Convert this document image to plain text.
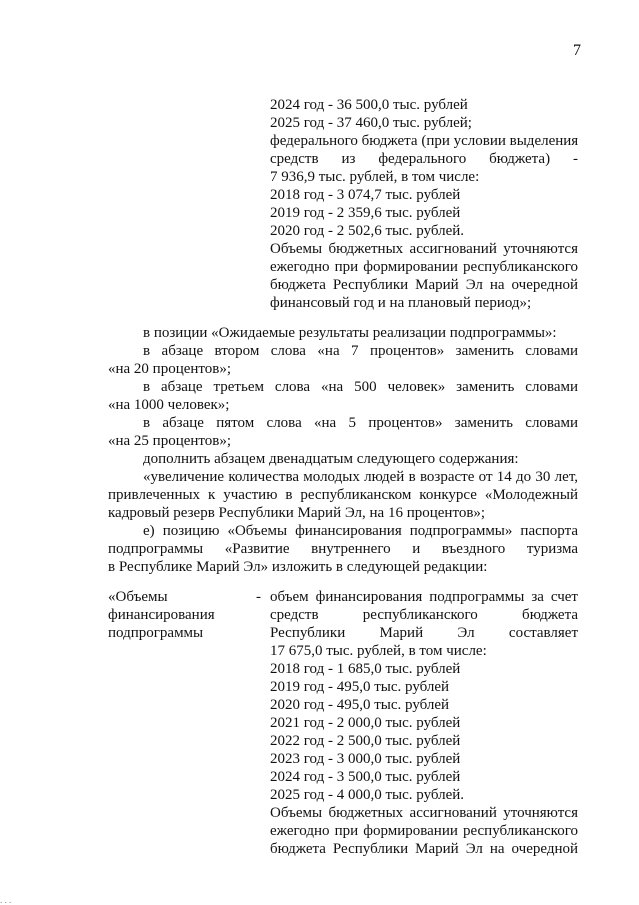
7
2024 год - 36 500,0 тыс. рублей
2025 год - 37 460,0 тыс. рублей;
федерального бюджета (при условии выделения
средств из федерального бюджета) -
7 936,9 тыс. рублей, в том числе:
2018 год - 3 074,7 тыс. рублей
2019 год - 2 359,6 тыс. рублей
2020 год - 2 502,6 тыс. рублей.
Объемы бюджетных ассигнований уточняются
ежегодно при формировании республиканского
бюджета Республики Марий Эл на очередной
финансовый год и на плановый период»;
в позиции «Ожидаемые результаты реализации подпрограммы»:
в абзаце втором слова «на 7 процентов» заменить словами
«на 20 процентов»;
в абзаце третьем слова «на 500 человек» заменить словами
«на 1000 человек»;
в абзаце пятом слова «на 5 процентов» заменить словами
«на 25 процентов»;
дополнить абзацем двенадцатым следующего содержания:
«увеличение количества молодых людей в возрасте от 14 до 30 лет,
привлеченных к участию в республиканском конкурсе «Молодежный
кадровый резерв Республики Марий Эл, на 16 процентов»;
е) позицию «Объемы финансирования подпрограммы» паспорта
подпрограммы «Развитие внутреннего и въездного туризма
в Республике Марий Эл» изложить в следующей редакции:
«Объемы
финансирования
подпрограммы
- объем финансирования подпрограммы за счет
средств республиканского бюджета
Республики Марий Эл составляет
17 675,0 тыс. рублей, в том числе:
2018 год - 1 685,0 тыс. рублей
2019 год - 495,0 тыс. рублей
2020 год - 495,0 тыс. рублей
2021 год - 2 000,0 тыс. рублей
2022 год - 2 500,0 тыс. рублей
2023 год - 3 000,0 тыс. рублей
2024 год - 3 500,0 тыс. рублей
2025 год - 4 000,0 тыс. рублей.
Объемы бюджетных ассигнований уточняются
ежегодно при формировании республиканского
бюджета Республики Марий Эл на очередной
. . .
